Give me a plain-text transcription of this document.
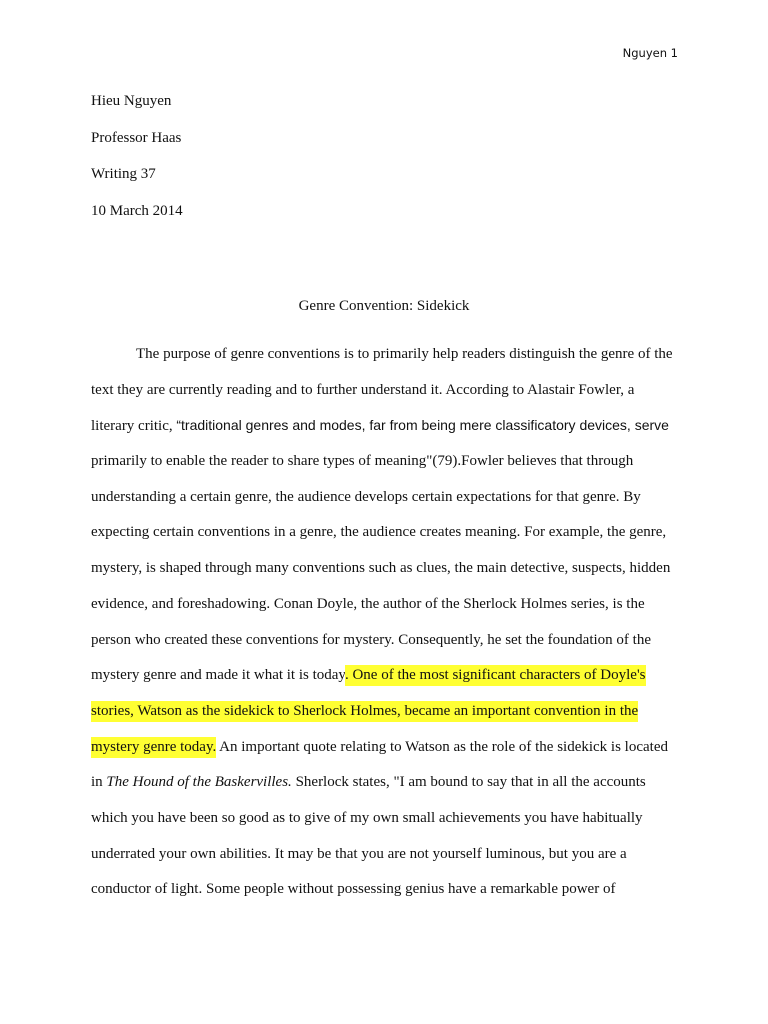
Nguyen 1
Hieu Nguyen
Professor Haas
Writing 37
10 March 2014
Genre Convention: Sidekick
The purpose of genre conventions is to primarily help readers distinguish the genre of the
text they are currently reading and to further understand it. According to Alastair Fowler, a
literary critic, “traditional genres and modes, far from being mere classificatory devices, serve
primarily to enable the reader to share types of meaning"(79).Fowler believes that through
understanding a certain genre, the audience develops certain expectations for that genre. By
expecting certain conventions in a genre, the audience creates meaning. For example, the genre,
mystery, is shaped through many conventions such as clues, the main detective, suspects, hidden
evidence, and foreshadowing. Conan Doyle, the author of the Sherlock Holmes series, is the
person who created these conventions for mystery. Consequently, he set the foundation of the
mystery genre and made it what it is today. One of the most significant characters of Doyle's
stories, Watson as the sidekick to Sherlock Holmes, became an important convention in the
mystery genre today. An important quote relating to Watson as the role of the sidekick is located
in The Hound of the Baskervilles. Sherlock states, "I am bound to say that in all the accounts
which you have been so good as to give of my own small achievements you have habitually
underrated your own abilities. It may be that you are not yourself luminous, but you are a
conductor of light. Some people without possessing genius have a remarkable power of
